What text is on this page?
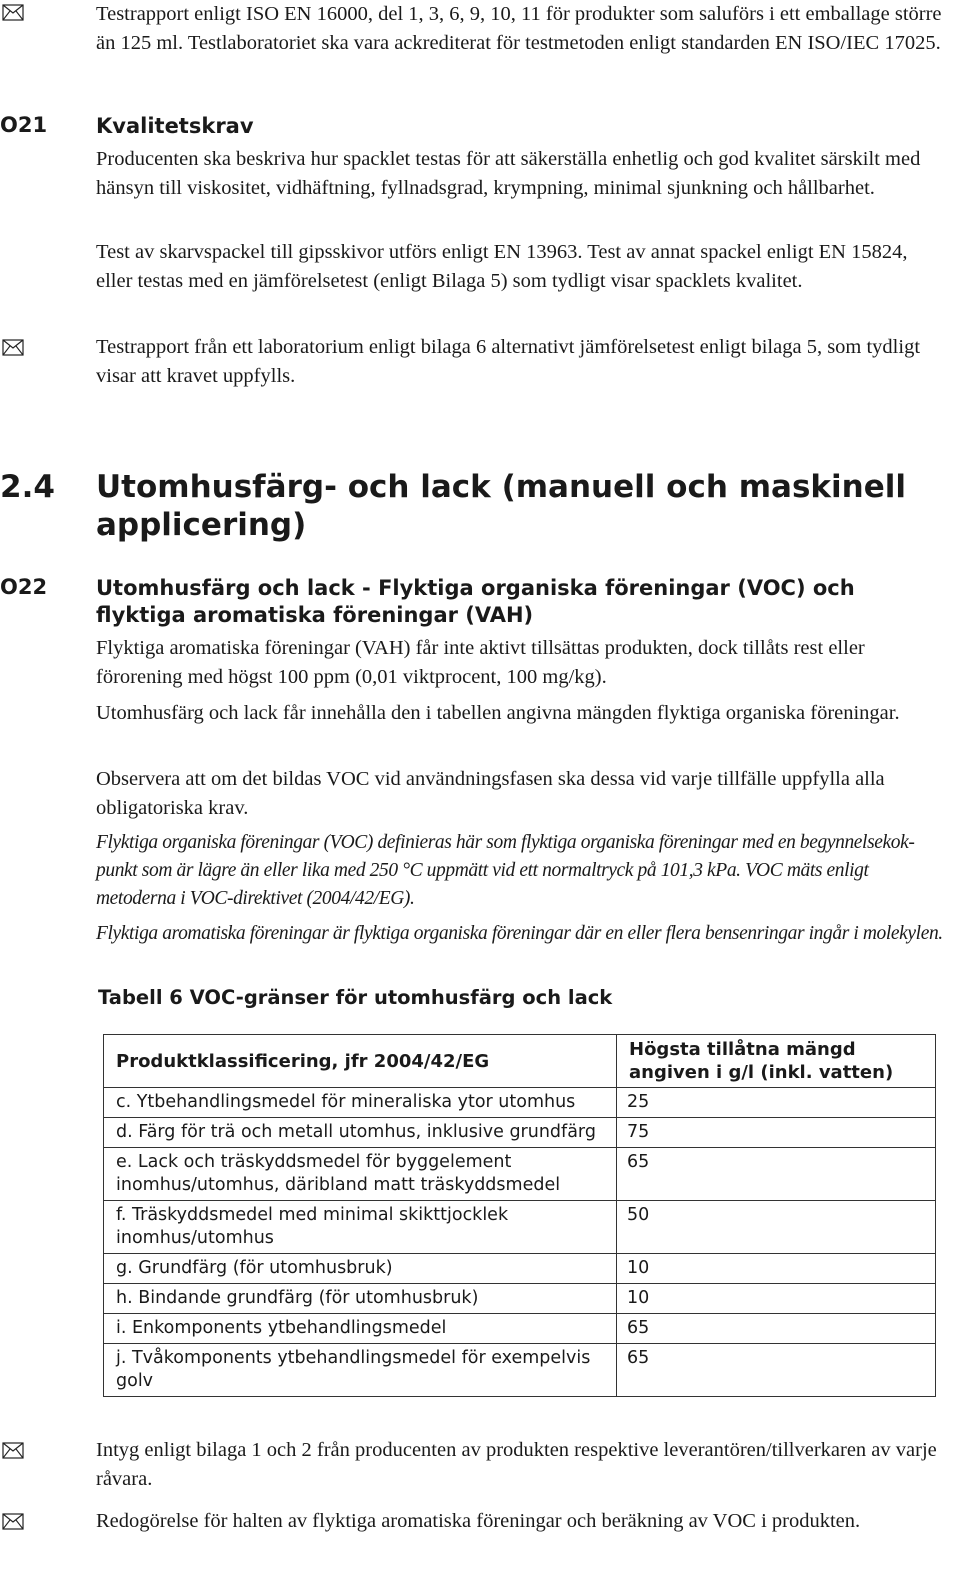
Testrapport enligt ISO EN 16000, del 1, 3, 6, 9, 10, 11 för produkter som saluförs i ett emballage större än 125 ml. Testlaboratoriet ska vara ackrediterat för testmetoden enligt standarden EN ISO/IEC 17025.
O21 Kvalitetskrav
Producenten ska beskriva hur spacklet testas för att säkerställa enhetlig och god kvalitet särskilt med hänsyn till viskositet, vidhäftning, fyllnadsgrad, krympning, minimal sjunkning och hållbarhet.
Test av skarvspackel till gipsskivor utförs enligt EN 13963. Test av annat spackel enligt EN 15824, eller testas med en jämförelsetest (enligt Bilaga 5) som tydligt visar spacklets kvalitet.
Testrapport från ett laboratorium enligt bilaga 6 alternativt jämförelsetest enligt bilaga 5, som tydligt visar att kravet uppfylls.
2.4 Utomhusfärg- och lack (manuell och maskinell
applicering)
O22 Utomhusfärg och lack - Flyktiga organiska föreningar (VOC) och
flyktiga aromatiska föreningar (VAH)
Flyktiga aromatiska föreningar (VAH) får inte aktivt tillsättas produkten, dock tillåts rest eller förorening med högst 100 ppm (0,01 viktprocent, 100 mg/kg).
Utomhusfärg och lack får innehålla den i tabellen angivna mängden flyktiga organiska föreningar.
Observera att om det bildas VOC vid användningsfasen ska dessa vid varje tillfälle uppfylla alla obligatoriska krav.
Flyktiga organiska föreningar (VOC) definieras här som flyktiga organiska föreningar med en begynnelsekok-punkt som är lägre än eller lika med 250 °C uppmätt vid ett normaltryck på 101,3 kPa. VOC mäts enligt metoderna i VOC-direktivet (2004/42/EG).
Flyktiga aromatiska föreningar är flyktiga organiska föreningar där en eller flera bensenringar ingår i molekylen.
Tabell 6 VOC-gränser för utomhusfärg och lack
Produktklassificering, jfr 2004/42/EG	Högsta tillåtna mängd angiven i g/l (inkl. vatten)
c. Ytbehandlingsmedel för mineraliska ytor utomhus	25
d. Färg för trä och metall utomhus, inklusive grundfärg	75
e. Lack och träskyddsmedel för byggelement inomhus/utomhus, däribland matt träskyddsmedel	65
f. Träskyddsmedel med minimal skikttjocklek inomhus/utomhus	50
g. Grundfärg (för utomhusbruk)	10
h. Bindande grundfärg (för utomhusbruk)	10
i. Enkomponents ytbehandlingsmedel	65
j. Tvåkomponents ytbehandlingsmedel för exempelvis golv	65
Intyg enligt bilaga 1 och 2 från producenten av produkten respektive leverantören/tillverkaren av varje råvara.
Redogörelse för halten av flyktiga aromatiska föreningar och beräkning av VOC i produkten.
